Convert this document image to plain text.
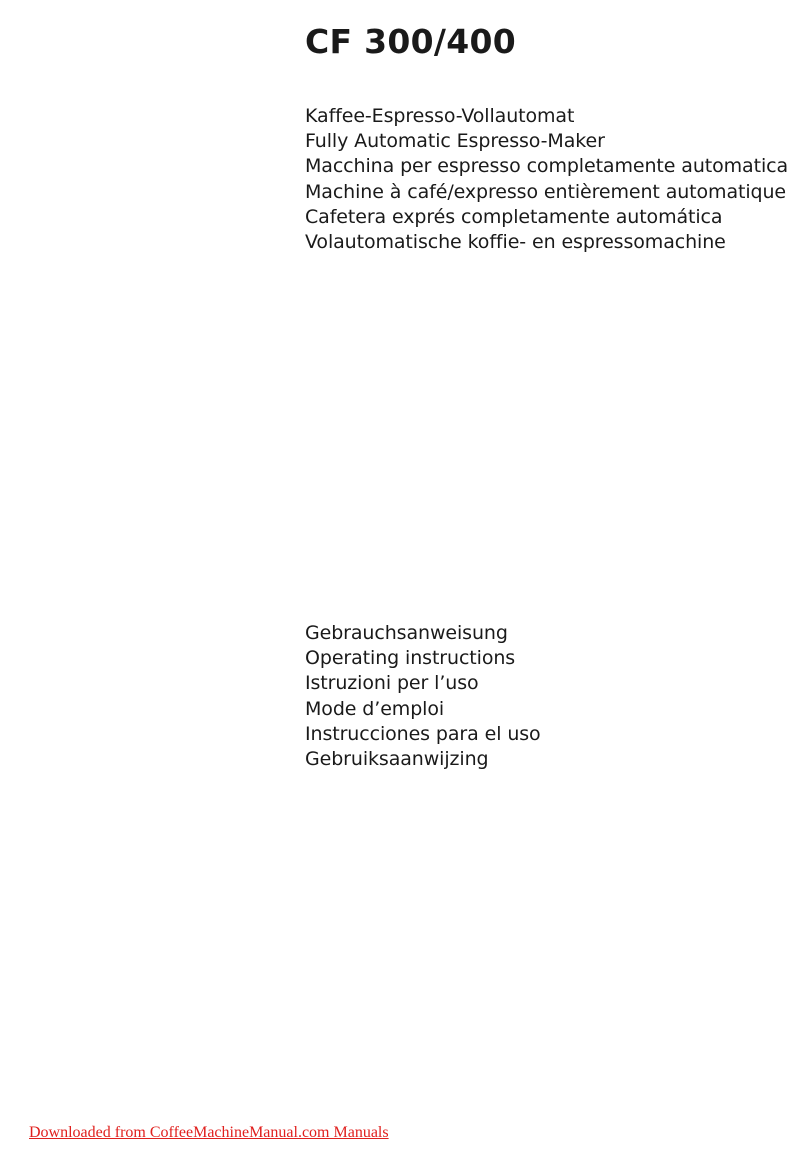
CF 300/400
Kaffee-Espresso-Vollautomat
Fully Automatic Espresso-Maker
Macchina per espresso completamente automatica
Machine à café/expresso entièrement automatique
Cafetera exprés completamente automática
Volautomatische koffie- en espressomachine
Gebrauchsanweisung
Operating instructions
Istruzioni per l’uso
Mode d’emploi
Instrucciones para el uso
Gebruiksaanwijzing
Downloaded from CoffeeMachineManual.com Manuals
